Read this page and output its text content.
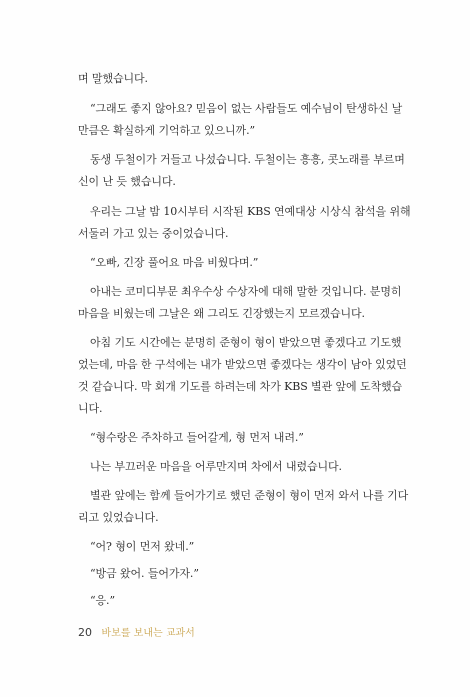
며 말했습니다.
“그래도 좋지 않아요? 믿음이 없는 사람들도 예수님이 탄생하신 날
만큼은 확실하게 기억하고 있으니까.”
동생 두철이가 거들고 나섰습니다. 두철이는 흥흥, 콧노래를 부르며
신이 난 듯 했습니다.
우리는 그날 밤 10시부터 시작된 KBS 연예대상 시상식 참석을 위해
서둘러 가고 있는 중이었습니다.
“오빠, 긴장 풀어요 마음 비웠다며.”
아내는 코미디부문 최우수상 수상자에 대해 말한 것입니다. 분명히
마음을 비웠는데 그날은 왜 그리도 긴장했는지 모르겠습니다.
아침 기도 시간에는 분명히 준형이 형이 받았으면 좋겠다고 기도했
었는데, 마음 한 구석에는 내가 받았으면 좋겠다는 생각이 남아 있었던
것 같습니다. 막 회개 기도를 하려는데 차가 KBS 별관 앞에 도착했습
니다.
“형수랑은 주차하고 들어갈게, 형 먼저 내려.”
나는 부끄러운 마음을 어루만지며 차에서 내렸습니다.
별관 앞에는 함께 들어가기로 했던 준형이 형이 먼저 와서 나를 기다
리고 있었습니다.
“어? 형이 먼저 왔네.”
“방금 왔어. 들어가자.”
“응.”
20 바보를 보내는 교과서
